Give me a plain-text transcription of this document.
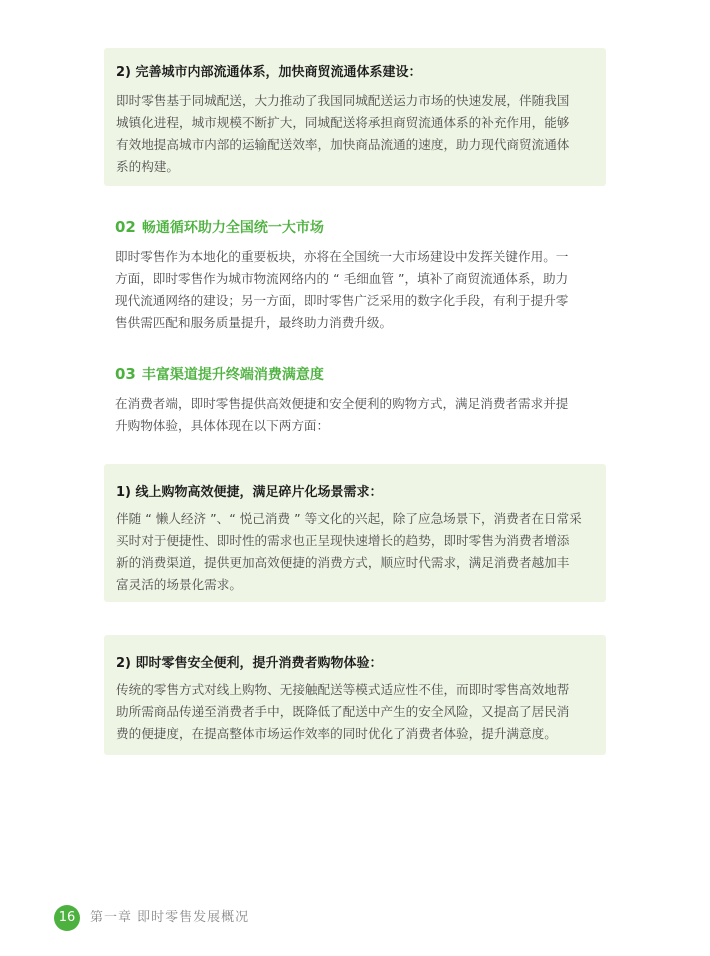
2) 完善城市内部流通体系，加快商贸流通体系建设：

即时零售基于同城配送，大力推动了我国同城配送运力市场的快速发展，伴随我国

城镇化进程，城市规模不断扩大，同城配送将承担商贸流通体系的补充作用，能够

有效地提高城市内部的运输配送效率，加快商品流通的速度，助力现代商贸流通体

系的构建。

02 畅通循环助力全国统一大市场

即时零售作为本地化的重要板块，亦将在全国统一大市场建设中发挥关键作用。一

方面，即时零售作为城市物流网络内的 “ 毛细血管 ”，填补了商贸流通体系，助力

现代流通网络的建设；另一方面，即时零售广泛采用的数字化手段，有利于提升零

售供需匹配和服务质量提升，最终助力消费升级。

03 丰富渠道提升终端消费满意度

在消费者端，即时零售提供高效便捷和安全便利的购物方式，满足消费者需求并提

升购物体验，具体体现在以下两方面：

1) 线上购物高效便捷，满足碎片化场景需求：

伴随 “ 懒人经济 ”、“ 悦己消费 ” 等文化的兴起，除了应急场景下，消费者在日常采

买时对于便捷性、即时性的需求也正呈现快速增长的趋势，即时零售为消费者增添

新的消费渠道，提供更加高效便捷的消费方式，顺应时代需求，满足消费者越加丰

富灵活的场景化需求。

2) 即时零售安全便利，提升消费者购物体验：

传统的零售方式对线上购物、无接触配送等模式适应性不佳，而即时零售高效地帮

助所需商品传递至消费者手中，既降低了配送中产生的安全风险，又提高了居民消

费的便捷度，在提高整体市场运作效率的同时优化了消费者体验，提升满意度。

16	第一章 即时零售发展概况
